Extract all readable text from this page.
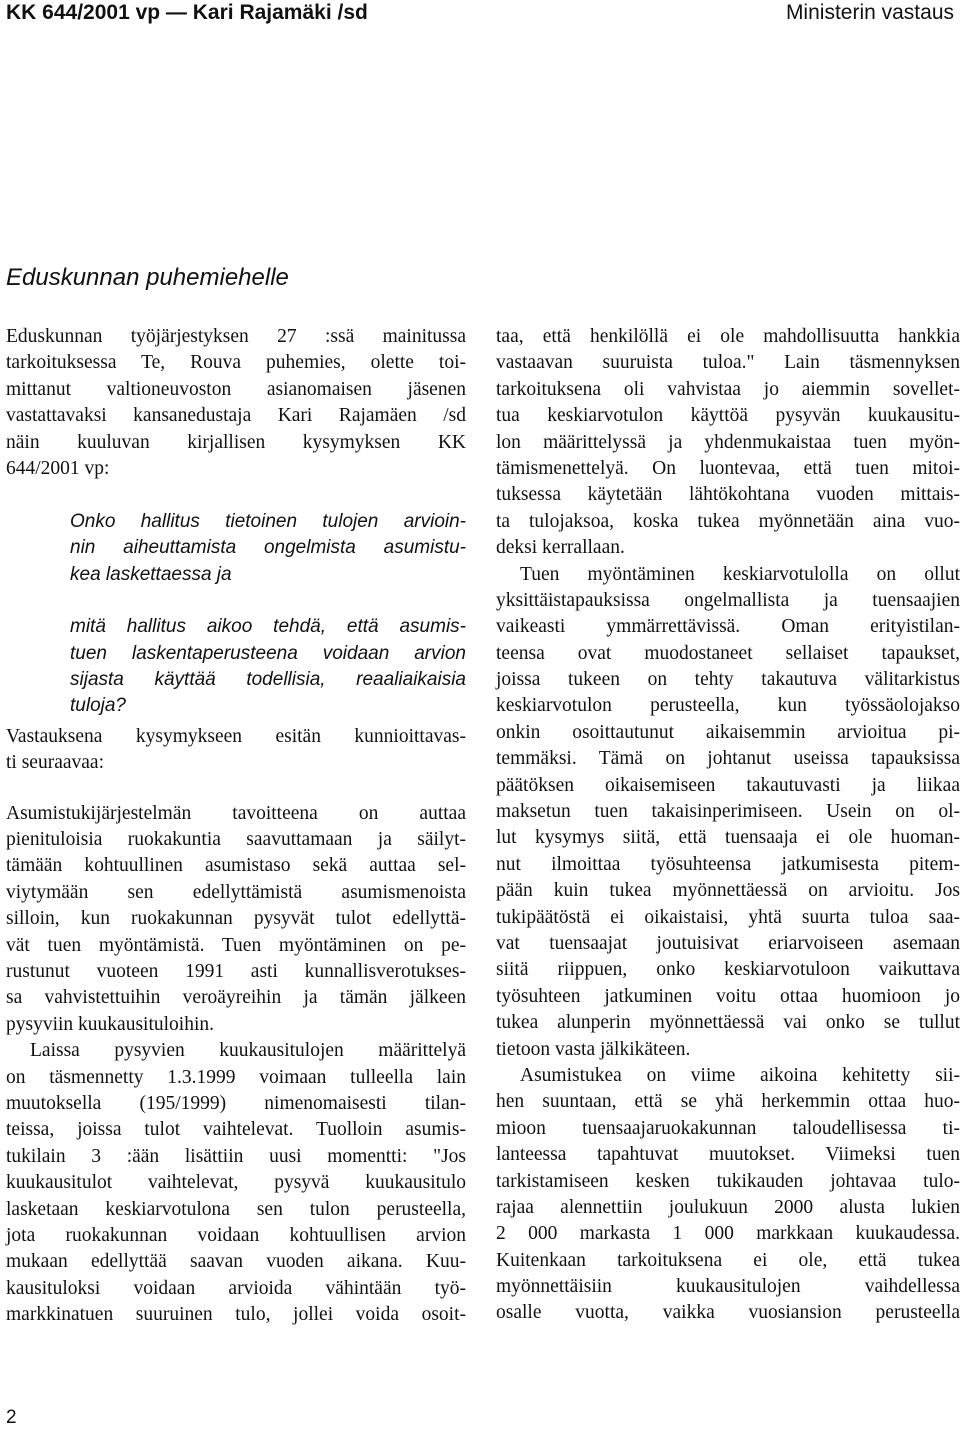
KK 644/2001 vp — Kari Rajamäki /sd	Ministerin vastaus
Eduskunnan puhemiehelle
Eduskunnan työjärjestyksen 27 :ssä mainitussa
tarkoituksessa Te, Rouva puhemies, olette toi-
mittanut valtioneuvoston asianomaisen jäsenen
vastattavaksi kansanedustaja Kari Rajamäen /sd
näin kuuluvan kirjallisen kysymyksen KK
644/2001 vp:
Onko hallitus tietoinen tulojen arvioin-
nin aiheuttamista ongelmista asumistu-
kea laskettaessa ja
mitä hallitus aikoo tehdä, että asumis-
tuen laskentaperusteena voidaan arvion
sijasta käyttää todellisia, reaaliaikaisia
tuloja?
Vastauksena kysymykseen esitän kunnioittavas-
ti seuraavaa:
Asumistukijärjestelmän tavoitteena on auttaa
pienituloisia ruokakuntia saavuttamaan ja säilyt-
tämään kohtuullinen asumistaso sekä auttaa sel-
viytymään sen edellyttämistä asumismenoista
silloin, kun ruokakunnan pysyvät tulot edellyttä-
vät tuen myöntämistä. Tuen myöntäminen on pe-
rustunut vuoteen 1991 asti kunnallisverotukses-
sa vahvistettuihin veroäyreihin ja tämän jälkeen
pysyviin kuukausituloihin.
Laissa pysyvien kuukausitulojen määrittelyä
on täsmennetty 1.3.1999 voimaan tulleella lain
muutoksella (195/1999) nimenomaisesti tilan-
teissa, joissa tulot vaihtelevat. Tuolloin asumis-
tukilain 3 :ään lisättiin uusi momentti: "Jos
kuukausitulot vaihtelevat, pysyvä kuukausitulo
lasketaan keskiarvotulona sen tulon perusteella,
jota ruokakunnan voidaan kohtuullisen arvion
mukaan edellyttää saavan vuoden aikana. Kuu-
kausituloksi voidaan arvioida vähintään työ-
markkinatuen suuruinen tulo, jollei voida osoit-
taa, että henkilöllä ei ole mahdollisuutta hankkia
vastaavan suuruista tuloa." Lain täsmennyksen
tarkoituksena oli vahvistaa jo aiemmin sovellet-
tua keskiarvotulon käyttöä pysyvän kuukausitu-
lon määrittelyssä ja yhdenmukaistaa tuen myön-
tämismenettelyä. On luontevaa, että tuen mitoi-
tuksessa käytetään lähtökohtana vuoden mittais-
ta tulojaksoa, koska tukea myönnetään aina vuo-
deksi kerrallaan.
Tuen myöntäminen keskiarvotulolla on ollut
yksittäistapauksissa ongelmallista ja tuensaajien
vaikeasti ymmärrettävissä. Oman erityistilan-
teensa ovat muodostaneet sellaiset tapaukset,
joissa tukeen on tehty takautuva välitarkistus
keskiarvotulon perusteella, kun työssäolojakso
onkin osoittautunut aikaisemmin arvioitua pi-
temmäksi. Tämä on johtanut useissa tapauksissa
päätöksen oikaisemiseen takautuvasti ja liikaa
maksetun tuen takaisinperimiseen. Usein on ol-
lut kysymys siitä, että tuensaaja ei ole huoman-
nut ilmoittaa työsuhteensa jatkumisesta pitem-
pään kuin tukea myönnettäessä on arvioitu. Jos
tukipäätöstä ei oikaistaisi, yhtä suurta tuloa saa-
vat tuensaajat joutuisivat eriarvoiseen asemaan
siitä riippuen, onko keskiarvotuloon vaikuttava
työsuhteen jatkuminen voitu ottaa huomioon jo
tukea alunperin myönnettäessä vai onko se tullut
tietoon vasta jälkikäteen.
Asumistukea on viime aikoina kehitetty sii-
hen suuntaan, että se yhä herkemmin ottaa huo-
mioon tuensaajaruokakunnan taloudellisessa ti-
lanteessa tapahtuvat muutokset. Viimeksi tuen
tarkistamiseen kesken tukikauden johtavaa tulo-
rajaa alennettiin joulukuun 2000 alusta lukien
2 000 markasta 1 000 markkaan kuukaudessa.
Kuitenkaan tarkoituksena ei ole, että tukea
myönnettäisiin kuukausitulojen vaihdellessa
osalle vuotta, vaikka vuosiansion perusteella
2
